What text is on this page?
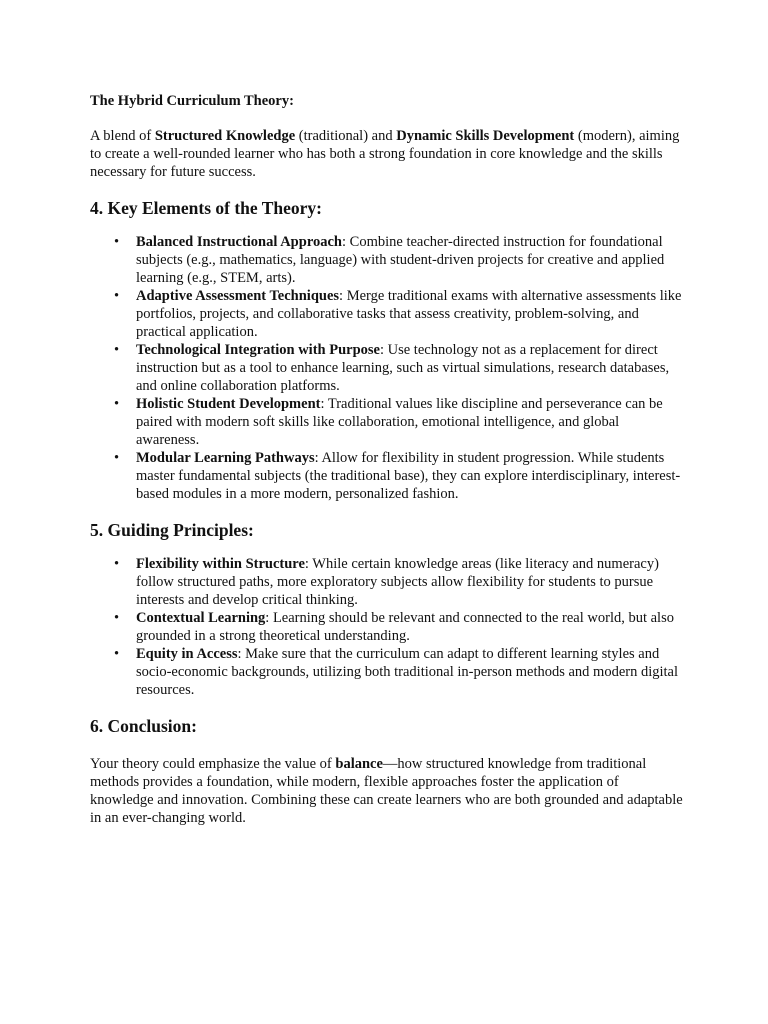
The Hybrid Curriculum Theory:

A blend of Structured Knowledge (traditional) and Dynamic Skills Development (modern), aiming to create a well-rounded learner who has both a strong foundation in core knowledge and the skills necessary for future success.

4. Key Elements of the Theory:
• Balanced Instructional Approach: Combine teacher-directed instruction for foundational subjects (e.g., mathematics, language) with student-driven projects for creative and applied learning (e.g., STEM, arts).
• Adaptive Assessment Techniques: Merge traditional exams with alternative assessments like portfolios, projects, and collaborative tasks that assess creativity, problem-solving, and practical application.
• Technological Integration with Purpose: Use technology not as a replacement for direct instruction but as a tool to enhance learning, such as virtual simulations, research databases, and online collaboration platforms.
• Holistic Student Development: Traditional values like discipline and perseverance can be paired with modern soft skills like collaboration, emotional intelligence, and global awareness.
• Modular Learning Pathways: Allow for flexibility in student progression. While students master fundamental subjects (the traditional base), they can explore interdisciplinary, interest-based modules in a more modern, personalized fashion.
5. Guiding Principles:
• Flexibility within Structure: While certain knowledge areas (like literacy and numeracy) follow structured paths, more exploratory subjects allow flexibility for students to pursue interests and develop critical thinking.
• Contextual Learning: Learning should be relevant and connected to the real world, but also grounded in a strong theoretical understanding.
• Equity in Access: Make sure that the curriculum can adapt to different learning styles and socio-economic backgrounds, utilizing both traditional in-person methods and modern digital resources.
6. Conclusion:

Your theory could emphasize the value of balance—how structured knowledge from traditional methods provides a foundation, while modern, flexible approaches foster the application of knowledge and innovation. Combining these can create learners who are both grounded and adaptable in an ever-changing world.
